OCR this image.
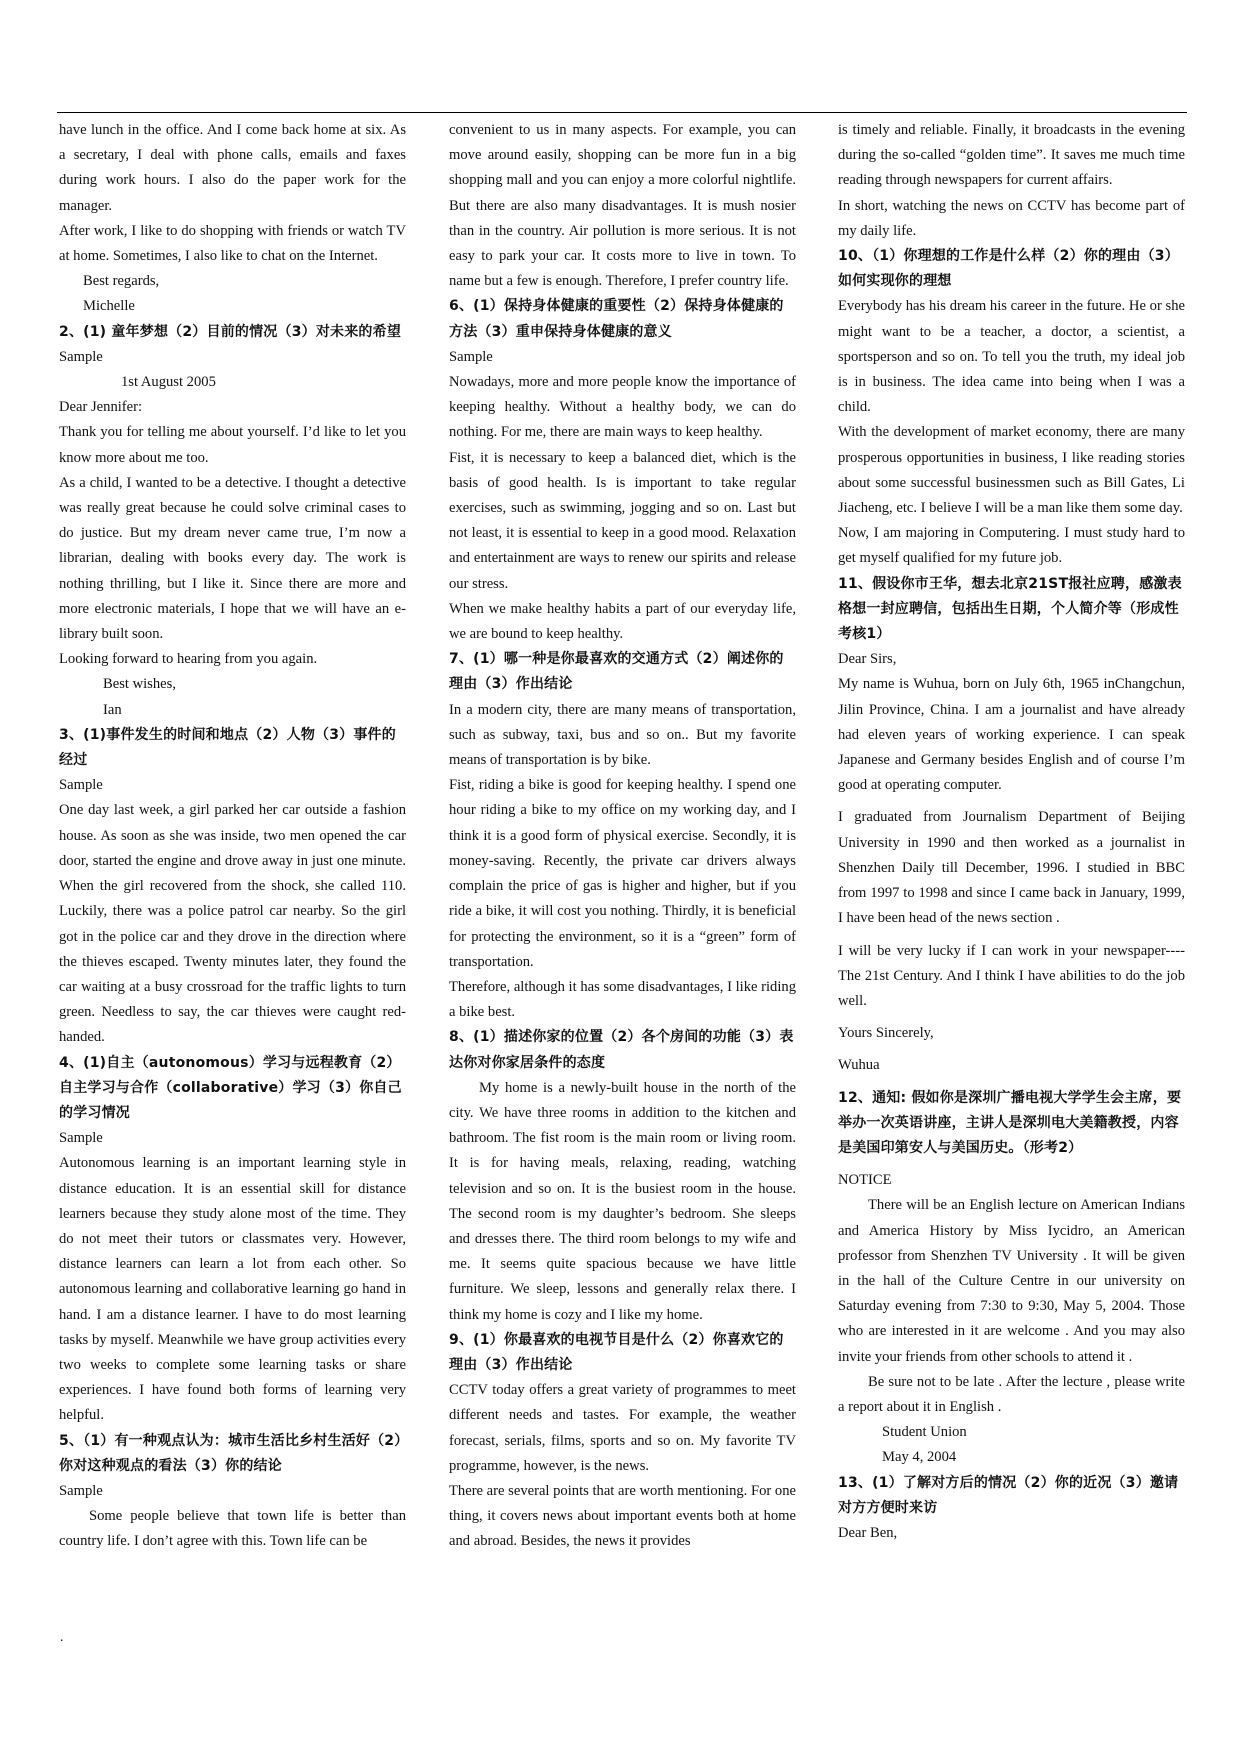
have lunch in the office. And I come back home at six. As a secretary, I deal with phone calls, emails and faxes during work hours. I also do the paper work for the manager.
After work, I like to do shopping with friends or watch TV at home. Sometimes, I also like to chat on the Internet.
Best regards,
Michelle
2、(1) 童年梦想（2）目前的情况（3）对未来的希望
Sample
1st August 2005
Dear Jennifer:
Thank you for telling me about yourself. I’d like to let you know more about me too.
As a child, I wanted to be a detective. I thought a detective was really great because he could solve criminal cases to do justice. But my dream never came true, I’m now a librarian, dealing with books every day. The work is nothing thrilling, but I like it. Since there are more and more electronic materials, I hope that we will have an e-library built soon.
Looking forward to hearing from you again.
Best wishes,
Ian
3、(1)事件发生的时间和地点（2）人物（3）事件的经过
Sample
One day last week, a girl parked her car outside a fashion house. As soon as she was inside, two men opened the car door, started the engine and drove away in just one minute. When the girl recovered from the shock, she called 110. Luckily, there was a police patrol car nearby. So the girl got in the police car and they drove in the direction where the thieves escaped. Twenty minutes later, they found the car waiting at a busy crossroad for the traffic lights to turn green. Needless to say, the car thieves were caught red-handed.
4、(1)自主（autonomous）学习与远程教育（2）自主学习与合作（collaborative）学习（3）你自己的学习情况
Sample
Autonomous learning is an important learning style in distance education. It is an essential skill for distance learners because they study alone most of the time. They do not meet their tutors or classmates very. However, distance learners can learn a lot from each other. So autonomous learning and collaborative learning go hand in hand. I am a distance learner. I have to do most learning tasks by myself. Meanwhile we have group activities every two weeks to complete some learning tasks or share experiences. I have found both forms of learning very helpful.
5、（1）有一种观点认为：城市生活比乡村生活好（2）你对这种观点的看法（3）你的结论
Sample
Some people believe that town life is better than country life. I don’t agree with this. Town life can be
convenient to us in many aspects. For example, you can move around easily, shopping can be more fun in a big shopping mall and you can enjoy a more colorful nightlife. But there are also many disadvantages. It is mush nosier than in the country. Air pollution is more serious. It is not easy to park your car. It costs more to live in town. To name but a few is enough. Therefore, I prefer country life.
6、(1）保持身体健康的重要性（2）保持身体健康的方法（3）重申保持身体健康的意义
Sample
Nowadays, more and more people know the importance of keeping healthy. Without a healthy body, we can do nothing. For me, there are main ways to keep healthy.
Fist, it is necessary to keep a balanced diet, which is the basis of good health. Is is important to take regular exercises, such as swimming, jogging and so on. Last but not least, it is essential to keep in a good mood. Relaxation and entertainment are ways to renew our spirits and release our stress.
When we make healthy habits a part of our everyday life, we are bound to keep healthy.
7、(1）哪一种是你最喜欢的交通方式（2）阐述你的理由（3）作出结论
In a modern city, there are many means of transportation, such as subway, taxi, bus and so on.. But my favorite means of transportation is by bike.
Fist, riding a bike is good for keeping healthy. I spend one hour riding a bike to my office on my working day, and I think it is a good form of physical exercise. Secondly, it is money-saving. Recently, the private car drivers always complain the price of gas is higher and higher, but if you ride a bike, it will cost you nothing. Thirdly, it is beneficial for protecting the environment, so it is a “green” form of transportation.
Therefore, although it has some disadvantages, I like riding a bike best.
8、(1）描述你家的位置（2）各个房间的功能（3）表达你对你家居条件的态度
My home is a newly-built house in the north of the city. We have three rooms in addition to the kitchen and bathroom. The fist room is the main room or living room. It is for having meals, relaxing, reading, watching television and so on. It is the busiest room in the house. The second room is my daughter’s bedroom. She sleeps and dresses there. The third room belongs to my wife and me. It seems quite spacious because we have little furniture. We sleep, lessons and generally relax there. I think my home is cozy and I like my home.
9、(1）你最喜欢的电视节目是什么（2）你喜欢它的理由（3）作出结论
CCTV today offers a great variety of programmes to meet different needs and tastes. For example, the weather forecast, serials, films, sports and so on. My favorite TV programme, however, is the news.
There are several points that are worth mentioning. For one thing, it covers news about important events both at home and abroad. Besides, the news it provides
is timely and reliable. Finally, it broadcasts in the evening during the so-called “golden time”. It saves me much time reading through newspapers for current affairs.
In short, watching the news on CCTV has become part of my daily life.
10、（1）你理想的工作是什么样（2）你的理由（3） 如何实现你的理想
Everybody has his dream his career in the future. He or she might want to be a teacher, a doctor, a scientist, a sportsperson and so on. To tell you the truth, my ideal job is in business. The idea came into being when I was a child.
With the development of market economy, there are many prosperous opportunities in business, I like reading stories about some successful businessmen such as Bill Gates, Li Jiacheng, etc. I believe I will be a man like them some day.
Now, I am majoring in Computering. I must study hard to get myself qualified for my future job.
11、假设你市王华，想去北京21ST报社应聘，感激表格想一封应聘信，包括出生日期，个人简介等（形成性考核1）
Dear Sirs,
My name is Wuhua, born on July 6th, 1965 inChangchun, Jilin Province, China. I am a journalist and have already had eleven years of working experience. I can speak Japanese and Germany besides English and of course I’m good at operating computer.
I graduated from Journalism Department of Beijing University in 1990 and then worked as a journalist in Shenzhen Daily till December, 1996. I studied in BBC from 1997 to 1998 and since I came back in January, 1999, I have been head of the news section .
I will be very lucky if I can work in your newspaper---- The 21st Century. And I think I have abilities to do the job well.
Yours Sincerely,
Wuhua
12、通知: 假如你是深圳广播电视大学学生会主席，要举办一次英语讲座，主讲人是深圳电大美籍教授，内容是美国印第安人与美国历史。（形考2）
NOTICE
There will be an English lecture on American Indians and America History by Miss Iycidro, an American professor from Shenzhen TV University . It will be given in the hall of the Culture Centre in our university on Saturday evening from 7:30 to 9:30, May 5, 2004. Those who are interested in it are welcome . And you may also invite your friends from other schools to attend it .
Be sure not to be late . After the lecture , please write a report about it in English .
Student Union
May 4, 2004
13、(1）了解对方后的情况（2）你的近况（3）邀请对方方便时来访
Dear Ben,
.
